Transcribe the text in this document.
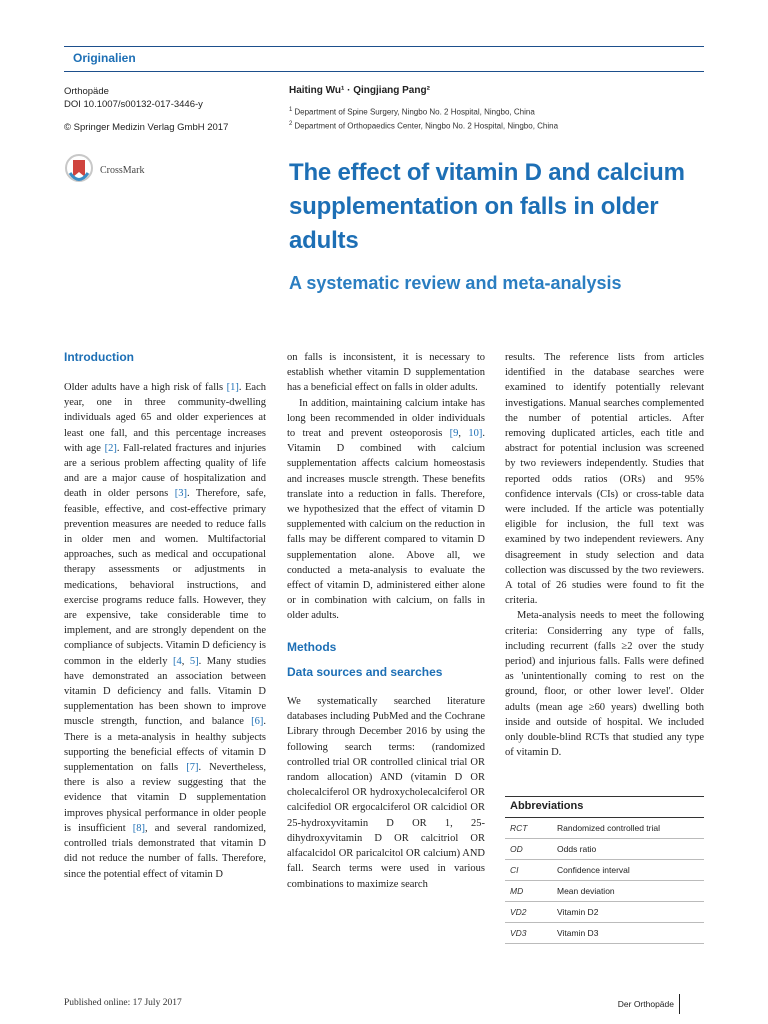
Originalien
Orthopäde
DOI 10.1007/s00132-017-3446-y
© Springer Medizin Verlag GmbH 2017
CrossMark
Haiting Wu¹ · Qingjiang Pang²
$^1$ Department of Spine Surgery, Ningbo No. 2 Hospital, Ningbo, China
$^2$ Department of Orthopaedics Center, Ningbo No. 2 Hospital, Ningbo, China
The effect of vitamin D and calcium supplementation on falls in older adults
A systematic review and meta-analysis
Introduction

Older adults have a high risk of falls [1]. Each year, one in three community-dwelling individuals aged 65 and older experiences at least one fall, and this percentage increases with age [2]. Fall-related fractures and injuries are a serious problem affecting quality of life and are a major cause of hospitalization and death in older persons [3]. Therefore, safe, feasible, effective, and cost-effective primary prevention measures are needed to reduce falls in older men and women. Multifactorial approaches, such as medical and occupational therapy assessments or adjustments in medications, behavioral instructions, and exercise programs reduce falls. However, they are expensive, take considerable time to implement, and are strongly dependent on the compliance of subjects. Vitamin D deficiency is common in the elderly [4, 5]. Many studies have demonstrated an association between vitamin D deficiency and falls. Vitamin D supplementation has been shown to improve muscle strength, function, and balance [6]. There is a meta-analysis in healthy subjects supporting the beneficial effects of vitamin D supplementation on falls [7]. Nevertheless, there is also a review suggesting that the evidence that vitamin D supplementation improves physical performance in older people is insufficient [8], and several randomized, controlled trials demonstrated that vitamin D did not reduce the number of falls. Therefore, since the potential effect of vitamin D

on falls is inconsistent, it is necessary to establish whether vitamin D supplementation has a beneficial effect on falls in older adults.

In addition, maintaining calcium intake has long been recommended in older individuals to treat and prevent osteoporosis [9, 10]. Vitamin D combined with calcium supplementation affects calcium homeostasis and increases muscle strength. These benefits translate into a reduction in falls. Therefore, we hypothesized that the effect of vitamin D supplemented with calcium on the reduction in falls may be different compared to vitamin D supplementation alone. Above all, we conducted a meta-analysis to evaluate the effect of vitamin D, administered either alone or in combination with calcium, on falls in older adults.

Methods
Data sources and searches

We systematically searched literature databases including PubMed and the Cochrane Library through December 2016 by using the following search terms: (randomized controlled trial OR controlled clinical trial OR random allocation) AND (vitamin D OR cholecalciferol OR hydroxycholecalciferol OR calcifediol OR ergocalciferol OR calcidiol OR 25-hydroxyvitamin D OR 1, 25-dihydroxyvitamin D OR calcitriol OR alfacalcidol OR paricalcitol OR calcium) AND fall. Search terms were used in various combinations to maximize search

results. The reference lists from articles identified in the database searches were examined to identify potentially relevant investigations. Manual searches complemented the number of potential articles. After removing duplicated articles, each title and abstract for potential inclusion was screened by two reviewers independently. Studies that reported odds ratios (ORs) and 95% confidence intervals (CIs) or cross-table data were included. If the article was potentially eligible for inclusion, the full text was examined by two independent reviewers. Any disagreement in study selection and data collection was discussed by the two reviewers. A total of 26 studies were found to fit the criteria.

Meta-analysis needs to meet the following criteria: Considerring any type of falls, including recurrent (falls ≥2 over the study period) and injurious falls. Falls were defined as 'unintentionally coming to rest on the ground, floor, or other lower level'. Older adults (mean age ≥60 years) dwelling both inside and outside of hospital. We included only double-blind RCTs that studied any type of vitamin D.

Abbreviations
RCT	Randomized controlled trial
OD	Odds ratio
CI	Confidence interval
MD	Mean deviation
VD2	Vitamin D2
VD3	Vitamin D3
Published online: 17 July 2017	Der Orthopäde
